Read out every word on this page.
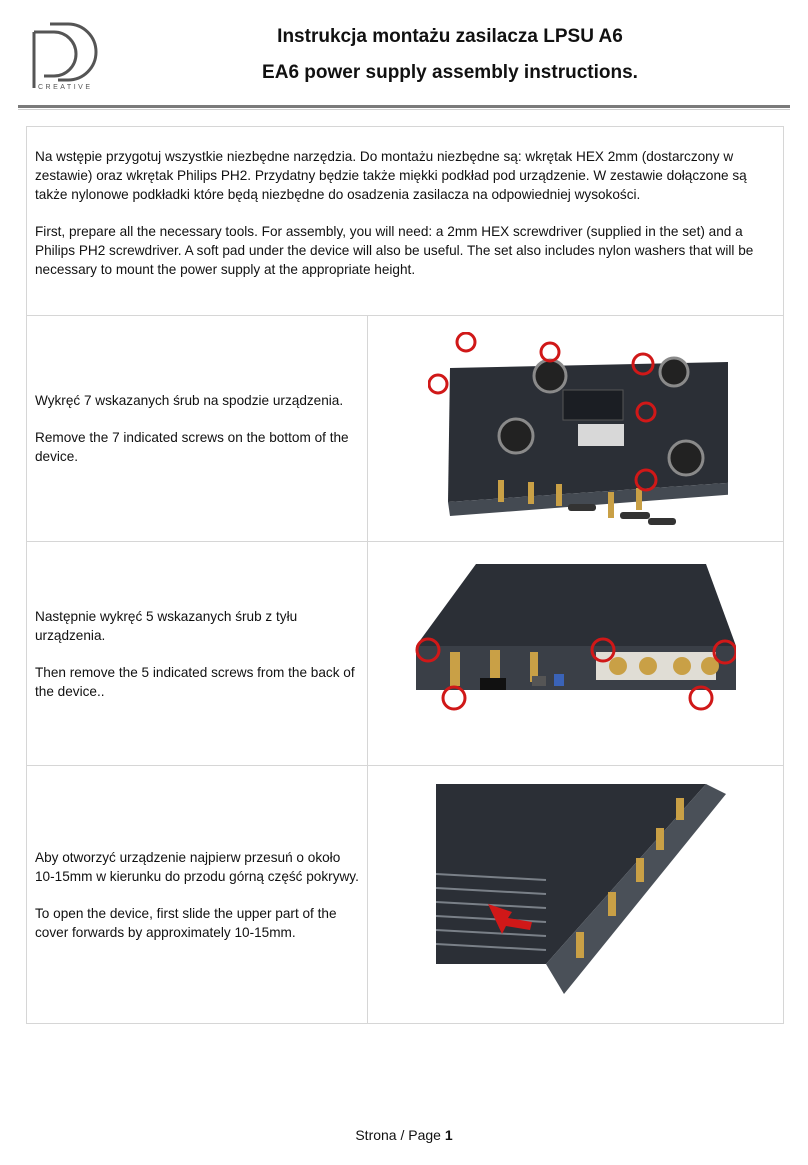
CREATIVE
Instrukcja montażu zasilacza LPSU A6
EA6 power supply assembly instructions.

Na wstępie przygotuj wszystkie niezbędne narzędzia. Do montażu niezbędne są: wkrętak HEX 2mm (dostarczony w zestawie) oraz wkrętak Philips PH2. Przydatny będzie także miękki podkład pod urządzenie. W zestawie dołączone są także nylonowe podkładki które będą niezbędne do osadzenia zasilacza na odpowiedniej wysokości.

First, prepare all the necessary tools. For assembly, you will need: a 2mm HEX screwdriver (supplied in the set) and a Philips PH2 screwdriver. A soft pad under the device will also be useful. The set also includes nylon washers that will be necessary to mount the power supply at the appropriate height.

Wykręć 7 wskazanych śrub na spodzie urządzenia.

Remove the 7 indicated screws on the bottom of the device.

Następnie wykręć 5 wskazanych śrub z tyłu urządzenia.

Then remove the 5 indicated screws from the back of the device..

Aby otworzyć urządzenie najpierw przesuń o około 10-15mm w kierunku do przodu górną część pokrywy.

To open the device, first slide the upper part of the cover forwards by approximately 10-15mm.

Strona / Page 1
